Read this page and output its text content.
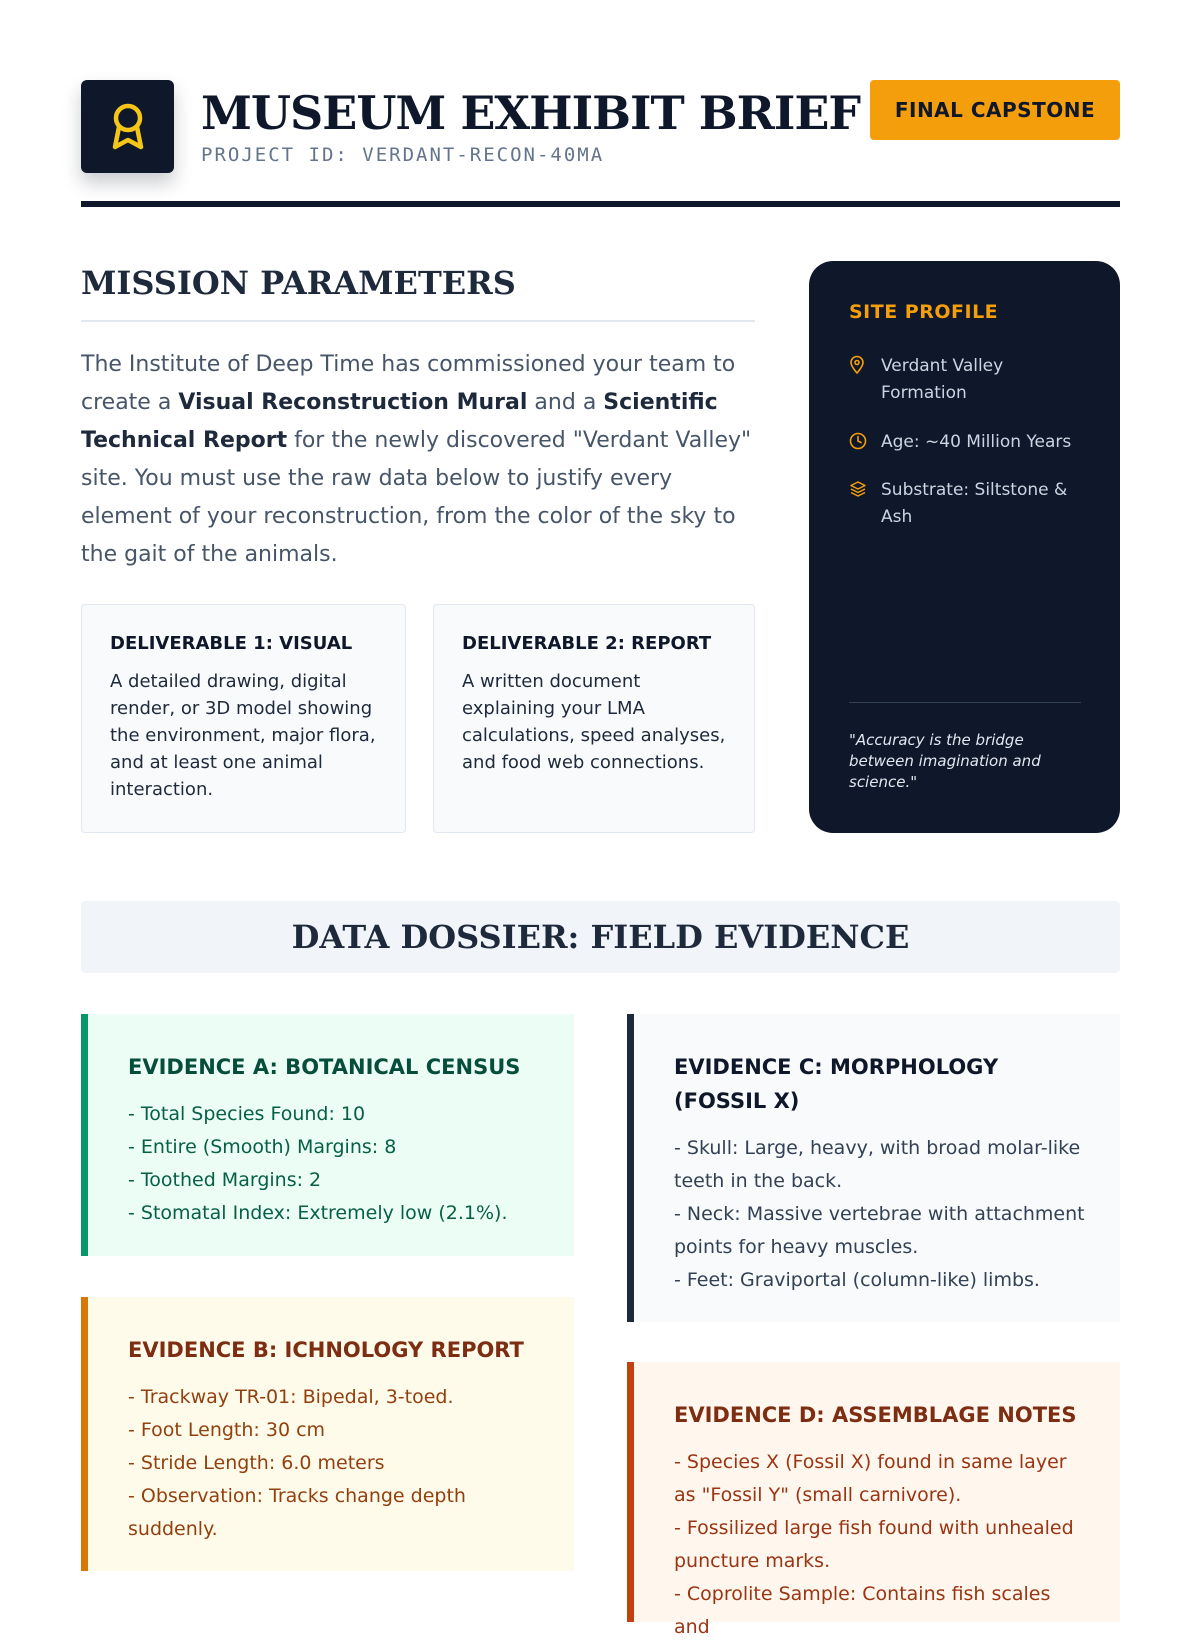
MUSEUM EXHIBIT BRIEF
PROJECT ID: VERDANT-RECON-40MA
FINAL CAPSTONE
MISSION PARAMETERS

The Institute of Deep Time has commissioned your team to create a Visual Reconstruction Mural and a Scientific Technical Report for the newly discovered "Verdant Valley" site. You must use the raw data below to justify every element of your reconstruction, from the color of the sky to the gait of the animals.

DELIVERABLE 1: VISUAL

A detailed drawing, digital render, or 3D model showing the environment, major flora, and at least one animal interaction.

DELIVERABLE 2: REPORT

A written document explaining your LMA calculations, speed analyses, and food web connections.

SITE PROFILE
Verdant Valley Formation
Age: ~40 Million Years
Substrate: Siltstone & Ash
"Accuracy is the bridge between imagination and science."
DATA DOSSIER: FIELD EVIDENCE
EVIDENCE A: BOTANICAL CENSUS
- Total Species Found: 10
- Entire (Smooth) Margins: 8
- Toothed Margins: 2
- Stomatal Index: Extremely low (2.1%).
EVIDENCE B: ICHNOLOGY REPORT
- Trackway TR-01: Bipedal, 3-toed.
- Foot Length: 30 cm
- Stride Length: 6.0 meters
- Observation: Tracks change depth suddenly.
EVIDENCE C: MORPHOLOGY (FOSSIL X)
- Skull: Large, heavy, with broad molar-like teeth in the back.
- Neck: Massive vertebrae with attachment points for heavy muscles.
- Feet: Graviportal (column-like) limbs.
EVIDENCE D: ASSEMBLAGE NOTES
- Species X (Fossil X) found in same layer as "Fossil Y" (small carnivore).
- Fossilized large fish found with unhealed puncture marks.
- Coprolite Sample: Contains fish scales and
